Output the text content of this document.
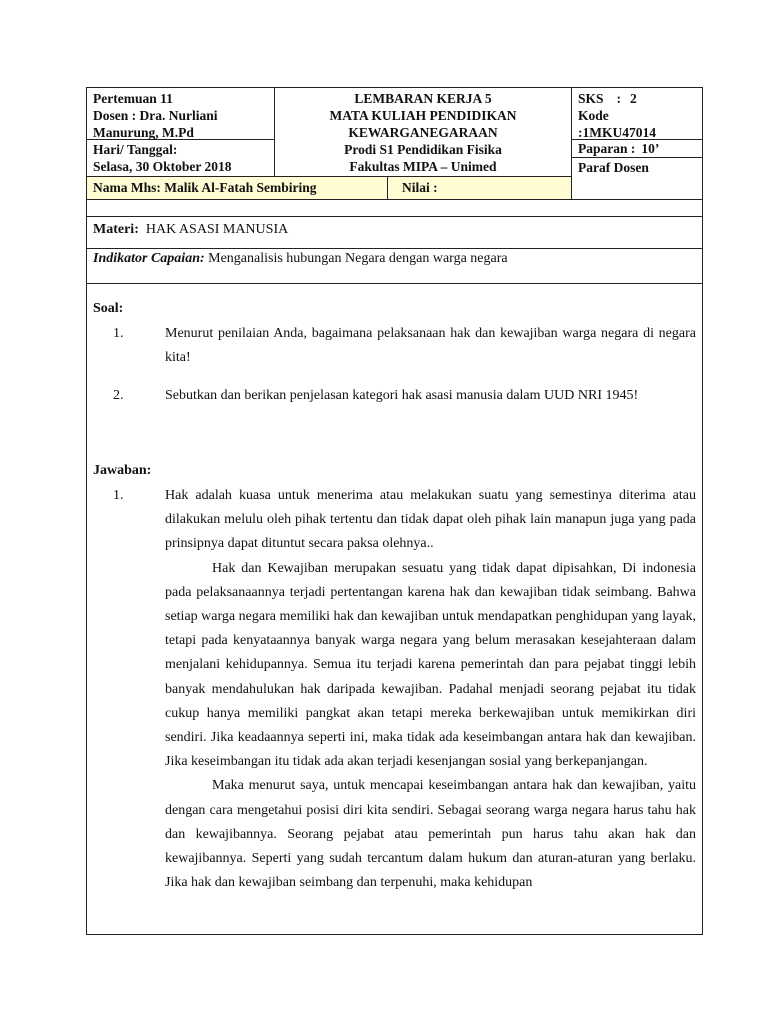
Pertemuan 11
Dosen : Dra. Nurliani
Manurung, M.Pd
Hari/ Tanggal:
Selasa, 30 Oktober 2018
LEMBARAN KERJA 5
MATA KULIAH PENDIDIKAN
KEWARGANEGARAAN
Prodi S1 Pendidikan Fisika
Fakultas MIPA – Unimed
SKS : 2
Kode
:1MKU47014
Paparan : 10’
Paraf Dosen
Nama Mhs: Malik Al-Fatah Sembiring	Nilai :
Materi: HAK ASASI MANUSIA
Indikator Capaian: Menganalisis hubungan Negara dengan warga negara
Soal:
1.	Menurut penilaian Anda, bagaimana pelaksanaan hak dan kewajiban warga negara di negara kita!
2.	Sebutkan dan berikan penjelasan kategori hak asasi manusia dalam UUD NRI 1945!
Jawaban:
1.	Hak adalah kuasa untuk menerima atau melakukan suatu yang semestinya diterima atau dilakukan melulu oleh pihak tertentu dan tidak dapat oleh pihak lain manapun juga yang pada prinsipnya dapat dituntut secara paksa olehnya..
Hak dan Kewajiban merupakan sesuatu yang tidak dapat dipisahkan, Di indonesia pada pelaksanaannya terjadi pertentangan karena hak dan kewajiban tidak seimbang. Bahwa setiap warga negara memiliki hak dan kewajiban untuk mendapatkan penghidupan yang layak, tetapi pada kenyataannya banyak warga negara yang belum merasakan kesejahteraan dalam menjalani kehidupannya. Semua itu terjadi karena pemerintah dan para pejabat tinggi lebih banyak mendahulukan hak daripada kewajiban. Padahal menjadi seorang pejabat itu tidak cukup hanya memiliki pangkat akan tetapi mereka berkewajiban untuk memikirkan diri sendiri. Jika keadaannya seperti ini, maka tidak ada keseimbangan antara hak dan kewajiban. Jika keseimbangan itu tidak ada akan terjadi kesenjangan sosial yang berkepanjangan.
Maka menurut saya, untuk mencapai keseimbangan antara hak dan kewajiban, yaitu dengan cara mengetahui posisi diri kita sendiri. Sebagai seorang warga negara harus tahu hak dan kewajibannya. Seorang pejabat atau pemerintah pun harus tahu akan hak dan kewajibannya. Seperti yang sudah tercantum dalam hukum dan aturan-aturan yang berlaku. Jika hak dan kewajiban seimbang dan terpenuhi, maka kehidupan
